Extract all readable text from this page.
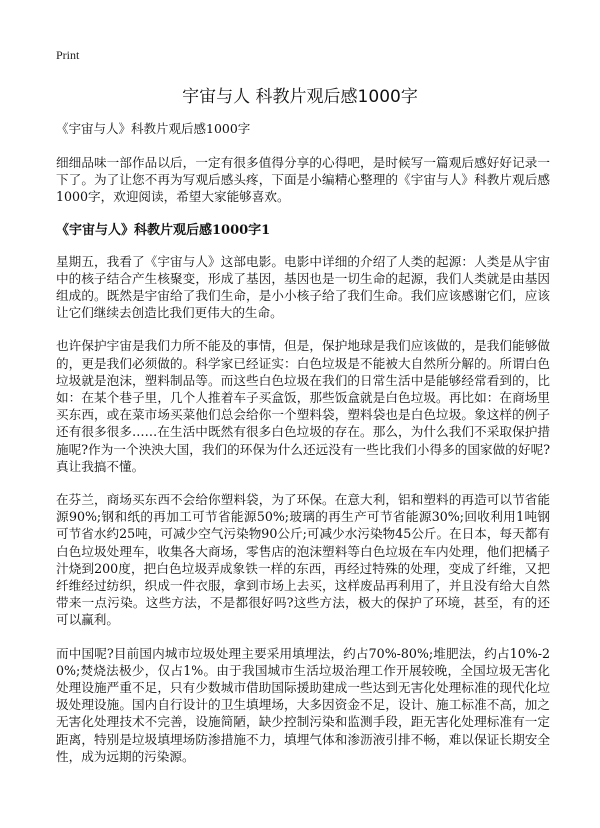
Print
宇宙与人 科教片观后感1000字
《宇宙与人》科教片观后感1000字

细细品味一部作品以后，一定有很多值得分享的心得吧，是时候写一篇观后感好好记录一下了。为了让您不再为写观后感头疼，下面是小编精心整理的《宇宙与人》科教片观后感1000字，欢迎阅读，希望大家能够喜欢。

《宇宙与人》科教片观后感1000字1

星期五，我看了《宇宙与人》这部电影。电影中详细的介绍了人类的起源：人类是从宇宙中的核子结合产生核聚变，形成了基因，基因也是一切生命的起源，我们人类就是由基因组成的。既然是宇宙给了我们生命，是小小核子给了我们生命。我们应该感谢它们，应该让它们继续去创造比我们更伟大的生命。

也许保护宇宙是我们力所不能及的事情，但是，保护地球是我们应该做的，是我们能够做的，更是我们必须做的。科学家已经证实：白色垃圾是不能被大自然所分解的。所谓白色垃圾就是泡沫，塑料制品等。而这些白色垃圾在我们的日常生活中是能够经常看到的，比如：在某个巷子里，几个人推着车子买盒饭，那些饭盒就是白色垃圾。再比如：在商场里买东西，或在菜市场买菜他们总会给你一个塑料袋，塑料袋也是白色垃圾。象这样的例子还有很多很多……在生活中既然有很多白色垃圾的存在。那么，为什么我们不采取保护措施呢?作为一个泱泱大国，我们的环保为什么还远没有一些比我们小得多的国家做的好呢?真让我搞不懂。

在芬兰，商场买东西不会给你塑料袋，为了环保。在意大利，铝和塑料的再造可以节省能源90%;钢和纸的再加工可节省能源50%;玻璃的再生产可节省能源30%;回收利用1吨钢可节省水约25吨，可减少空气污染物90公斤;可减少水污染物45公斤。在日本，每天都有白色垃圾处理车，收集各大商场，零售店的泡沫塑料等白色垃圾在车内处理，他们把橘子汁烧到200度，把白色垃圾弄成象铁一样的东西，再经过特殊的处理，变成了纤维，又把纤维经过纺织，织成一件衣服，拿到市场上去买，这样废品再利用了，并且没有给大自然带来一点污染。这些方法，不是都很好吗?这些方法，极大的保护了环境，甚至，有的还可以赢利。

而中国呢?目前国内城市垃圾处理主要采用填埋法，约占70%-80%;堆肥法，约占10%-20%;焚烧法极少，仅占1%。由于我国城市生活垃圾治理工作开展较晚，全国垃圾无害化处理设施严重不足，只有少数城市借助国际援助建成一些达到无害化处理标准的现代化垃圾处理设施。国内自行设计的卫生填埋场，大多因资金不足，设计、施工标准不高，加之无害化处理技术不完善，设施简陋，缺少控制污染和监测手段，距无害化处理标准有一定距离，特别是垃圾填埋场防渗措施不力，填埋气体和渗沥液引排不畅，难以保证长期安全性，成为远期的污染源。
